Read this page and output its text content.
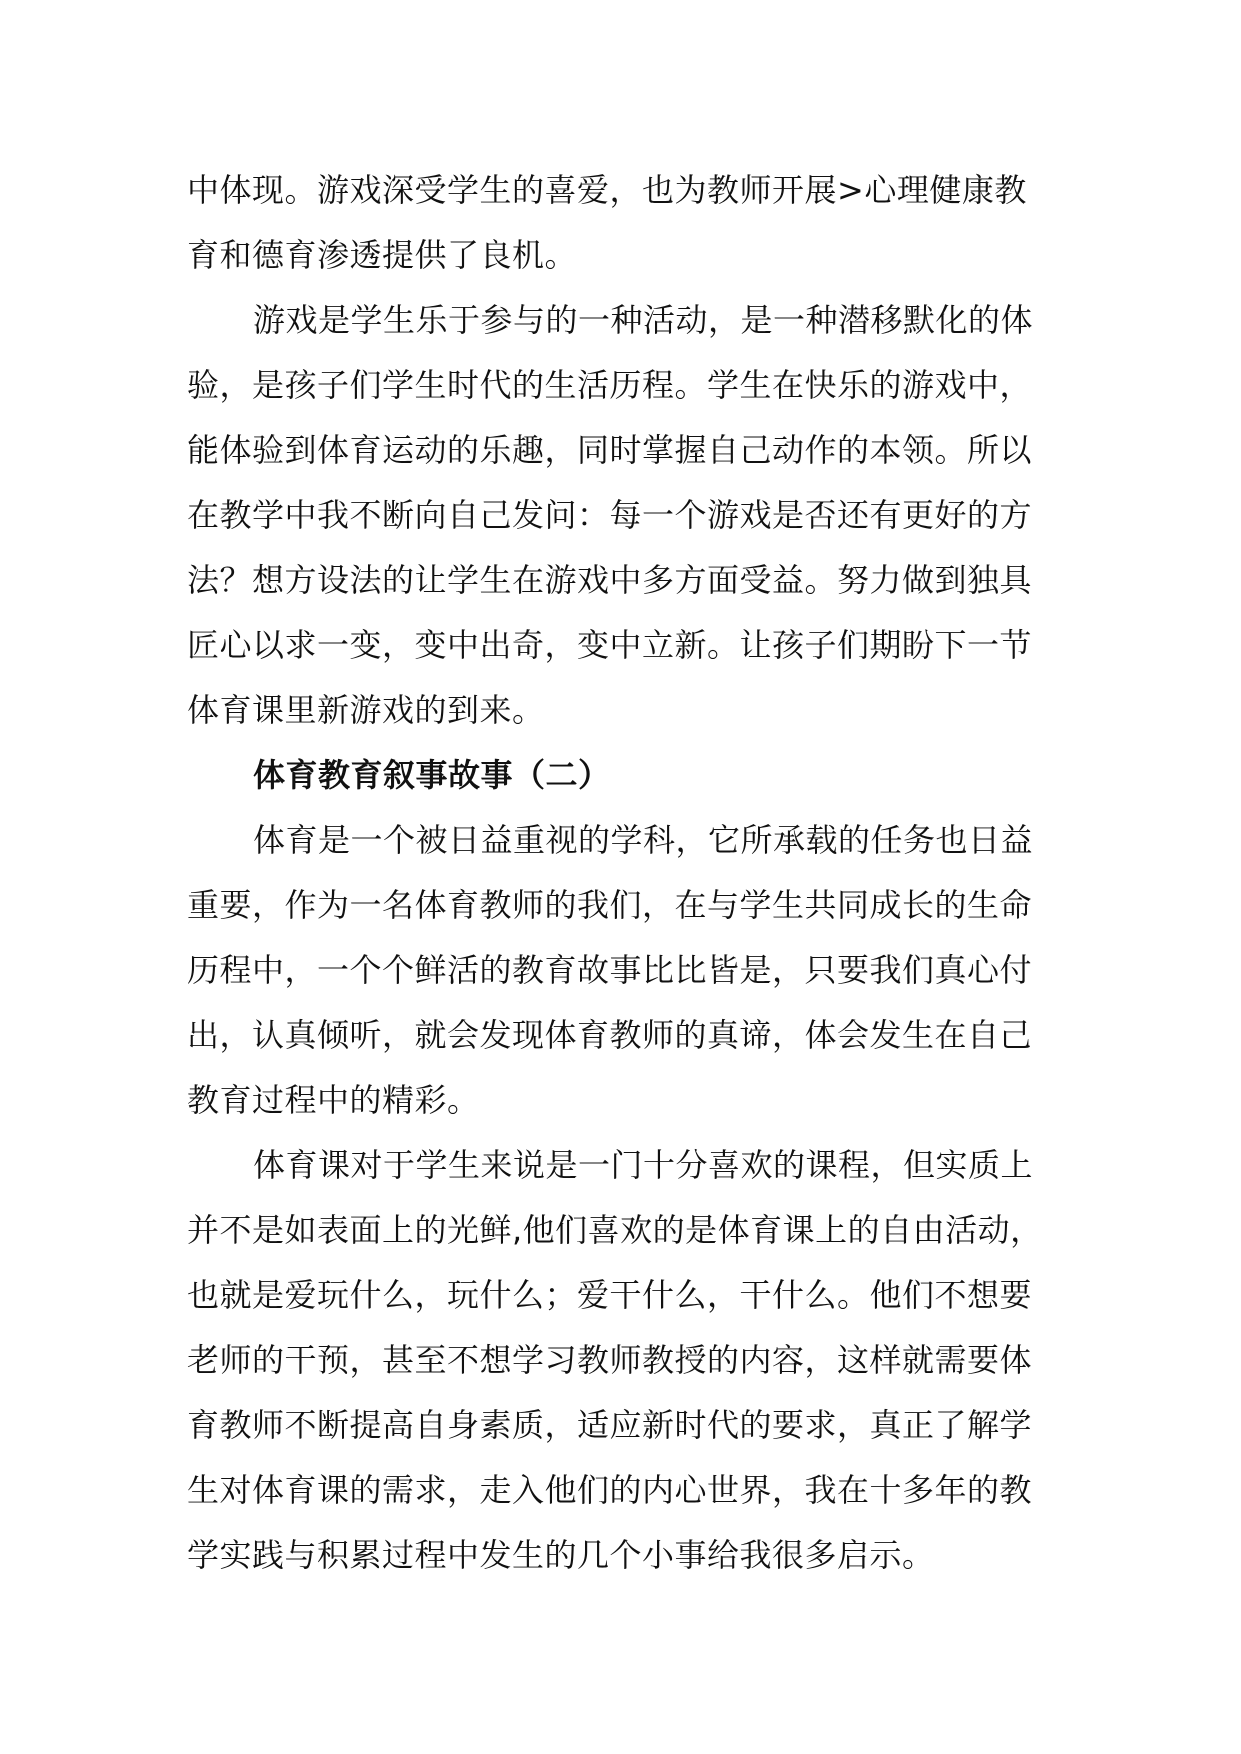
中体现。游戏深受学生的喜爱，也为教师开展>心理健康教
育和德育渗透提供了良机。
游戏是学生乐于参与的一种活动，是一种潜移默化的体
验，是孩子们学生时代的生活历程。学生在快乐的游戏中，
能体验到体育运动的乐趣，同时掌握自己动作的本领。所以
在教学中我不断向自己发问：每一个游戏是否还有更好的方
法？想方设法的让学生在游戏中多方面受益。努力做到独具
匠心以求一变，变中出奇，变中立新。让孩子们期盼下一节
体育课里新游戏的到来。
体育教育叙事故事（二）
体育是一个被日益重视的学科，它所承载的任务也日益
重要，作为一名体育教师的我们，在与学生共同成长的生命
历程中，一个个鲜活的教育故事比比皆是，只要我们真心付
出，认真倾听，就会发现体育教师的真谛，体会发生在自己
教育过程中的精彩。
体育课对于学生来说是一门十分喜欢的课程，但实质上
并不是如表面上的光鲜,他们喜欢的是体育课上的自由活动，
也就是爱玩什么，玩什么；爱干什么，干什么。他们不想要
老师的干预，甚至不想学习教师教授的内容，这样就需要体
育教师不断提高自身素质，适应新时代的要求，真正了解学
生对体育课的需求，走入他们的内心世界，我在十多年的教
学实践与积累过程中发生的几个小事给我很多启示。
